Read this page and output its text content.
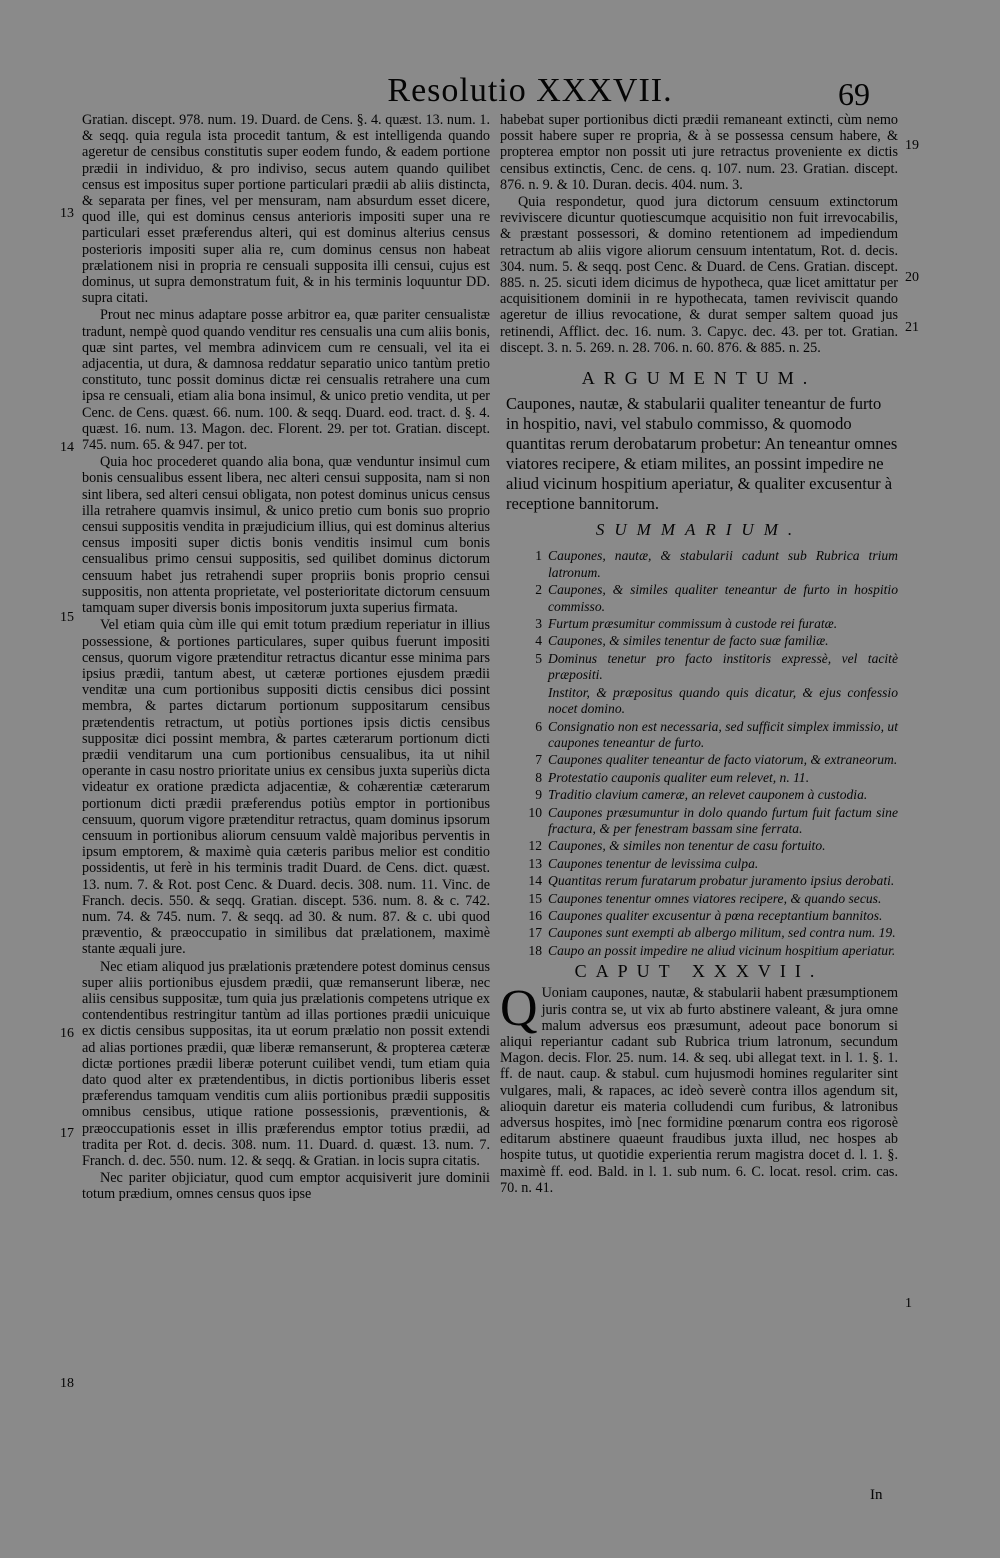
Resolutio XXXVII.	69
13
14
15
16
17
18
19
20
21
1

Gratian. discept. 978. num. 19. Duard. de Cens. §. 4. quæst. 13. num. 1. & seqq. quia regula ista procedit tantum, & est intelligenda quando ageretur de censibus constitutis super eodem fundo, & eadem portione prædii in individuo, & pro indiviso, secus autem quando quilibet census est impositus super portione particulari prædii ab aliis distincta, & separata per fines, vel per mensuram, nam absurdum esset dicere, quod ille, qui est dominus census anterioris impositi super una re particulari esset præferendus alteri, qui est dominus alterius census posterioris impositi super alia re, cum dominus census non habeat prælationem nisi in propria re censuali supposita illi censui, cujus est dominus, ut supra demonstratum fuit, & in his terminis loquuntur DD. supra citati.

Prout nec minus adaptare posse arbitror ea, quæ pariter censualistæ tradunt, nempè quod quando venditur res censualis una cum aliis bonis, quæ sint partes, vel membra adinvicem cum re censuali, vel ita ei adjacentia, ut dura, & damnosa reddatur separatio unico tantùm pretio constituto, tunc possit dominus dictæ rei censualis retrahere una cum ipsa re censuali, etiam alia bona insimul, & unico pretio vendita, ut per Cenc. de Cens. quæst. 66. num. 100. & seqq. Duard. eod. tract. d. §. 4. quæst. 16. num. 13. Magon. dec. Florent. 29. per tot. Gratian. discept. 745. num. 65. & 947. per tot.

Quia hoc procederet quando alia bona, quæ venduntur insimul cum bonis censualibus essent libera, nec alteri censui supposita, nam si non sint libera, sed alteri censui obligata, non potest dominus unicus census illa retrahere quamvis insimul, & unico pretio cum bonis suo proprio censui suppositis vendita in præjudicium illius, qui est dominus alterius census impositi super dictis bonis venditis insimul cum bonis censualibus primo censui suppositis, sed quilibet dominus dictorum censuum habet jus retrahendi super propriis bonis proprio censui suppositis, non attenta proprietate, vel posterioritate dictorum censuum tamquam super diversis bonis impositorum juxta superius firmata.

Vel etiam quia cùm ille qui emit totum prædium reperiatur in illius possessione, & portiones particulares, super quibus fuerunt impositi census, quorum vigore prætenditur retractus dicantur esse minima pars ipsius prædii, tantum abest, ut cæteræ portiones ejusdem prædii venditæ una cum portionibus suppositi dictis censibus dici possint membra, & partes dictarum portionum suppositarum censibus prætendentis retractum, ut potiùs portiones ipsis dictis censibus suppositæ dici possint membra, & partes cæterarum portionum dicti prædii venditarum una cum portionibus censualibus, ita ut nihil operante in casu nostro prioritate unius ex censibus juxta superiùs dicta videatur ex oratione prædicta adjacentiæ, & cohærentiæ cæterarum portionum dicti prædii præferendus potiùs emptor in portionibus censuum, quorum vigore prætenditur retractus, quam dominus ipsorum censuum in portionibus aliorum censuum valdè majoribus perventis in ipsum emptorem, & maximè quia cæteris paribus melior est conditio possidentis, ut ferè in his terminis tradit Duard. de Cens. dict. quæst. 13. num. 7. & Rot. post Cenc. & Duard. decis. 308. num. 11. Vinc. de Franch. decis. 550. & seqq. Gratian. discept. 536. num. 8. & c. 742. num. 74. & 745. num. 7. & seqq. ad 30. & num. 87. & c. ubi quod præventio, & præoccupatio in similibus dat prælationem, maximè stante æquali jure.

Nec etiam aliquod jus prælationis prætendere potest dominus census super aliis portionibus ejusdem prædii, quæ remanserunt liberæ, nec aliis censibus suppositæ, tum quia jus prælationis competens utrique ex contendentibus restringitur tantùm ad illas portiones prædii unicuique ex dictis censibus suppositas, ita ut eorum prælatio non possit extendi ad alias portiones prædii, quæ liberæ remanserunt, & propterea cæteræ dictæ portiones prædii liberæ poterunt cuilibet vendi, tum etiam quia dato quod alter ex prætendentibus, in dictis portionibus liberis esset præferendus tamquam venditis cum aliis portionibus prædii suppositis omnibus censibus, utique ratione possessionis, præventionis, & præoccupationis esset in illis præferendus emptor totius prædii, ad tradita per Rot. d. decis. 308. num. 11. Duard. d. quæst. 13. num. 7. Franch. d. dec. 550. num. 12. & seqq. & Gratian. in locis supra citatis.

Nec pariter objiciatur, quod cum emptor acquisiverit jure dominii totum prædium, omnes census quos ipse

habebat super portionibus dicti prædii remaneant extincti, cùm nemo possit habere super re propria, & à se possessa censum habere, & propterea emptor non possit uti jure retractus proveniente ex dictis censibus extinctis, Cenc. de cens. q. 107. num. 23. Gratian. discept. 876. n. 9. & 10. Duran. decis. 404. num. 3.

Quia respondetur, quod jura dictorum censuum extinctorum reviviscere dicuntur quotiescumque acquisitio non fuit irrevocabilis, & præstant possessori, & domino retentionem ad impediendum retractum ab aliis vigore aliorum censuum intentatum, Rot. d. decis. 304. num. 5. & seqq. post Cenc. & Duard. de Cens. Gratian. discept. 885. n. 25. sicuti idem dicimus de hypotheca, quæ licet amittatur per acquisitionem dominii in re hypothecata, tamen reviviscit quando ageretur de illius revocatione, & durat semper saltem quoad jus retinendi, Afflict. dec. 16. num. 3. Capyc. dec. 43. per tot. Gratian. discept. 3. n. 5. 269. n. 28. 706. n. 60. 876. & 885. n. 25.

ARGUMENTUM.
Caupones, nautæ, & stabularii qualiter teneantur de furto in hospitio, navi, vel stabulo commisso, & quomodo quantitas rerum derobatarum probetur: An teneantur omnes viatores recipere, & etiam milites, an possint impedire ne aliud vicinum hospitium aperiatur, & qualiter excusentur à receptione bannitorum.
SUMMARIUM.
1 Caupones, nautæ, & stabularii cadunt sub Rubrica trium latronum.
2 Caupones, & similes qualiter teneantur de furto in hospitio commisso.
3 Furtum præsumitur commissum à custode rei furatæ.
4 Caupones, & similes tenentur de facto suæ familiæ.
5 Dominus tenetur pro facto institoris expressè, vel tacitè præpositi.
Institor, & præpositus quando quis dicatur, & ejus confessio nocet domino.
6 Consignatio non est necessaria, sed sufficit simplex immissio, ut caupones teneantur de furto.
7 Caupones qualiter teneantur de facto viatorum, & extraneorum.
8 Protestatio cauponis qualiter eum relevet, n. 11.
9 Traditio clavium cameræ, an relevet cauponem à custodia.
10 Caupones præsumuntur in dolo quando furtum fuit factum sine fractura, & per fenestram bassam sine ferrata.
12 Caupones, & similes non tenentur de casu fortuito.
13 Caupones tenentur de levissima culpa.
14 Quantitas rerum furatarum probatur juramento ipsius derobati.
15 Caupones tenentur omnes viatores recipere, & quando secus.
16 Caupones qualiter excusentur à pœna receptantium bannitos.
17 Caupones sunt exempti ab albergo militum, sed contra num. 19.
18 Caupo an possit impedire ne aliud vicinum hospitium aperiatur.
CAPUT XXXVII.

Q Uoniam caupones, nautæ, & stabularii habent præsumptionem juris contra se, ut vix ab furto abstinere valeant, & jura omne malum adversus eos præsumunt, adeout pace bonorum si aliqui reperiantur cadant sub Rubrica trium latronum, secundum Magon. decis. Flor. 25. num. 14. & seq. ubi allegat text. in l. 1. §. 1. ff. de naut. caup. & stabul. cum hujusmodi homines regulariter sint vulgares, mali, & rapaces, ac ideò severè contra illos agendum sit, alioquin daretur eis materia colludendi cum furibus, & latronibus adversus hospites, imò [nec formidine pœnarum contra eos rigorosè editarum abstinere quaeunt fraudibus juxta illud, nec hospes ab hospite tutus, ut quotidie experientia rerum magistra docet d. l. 1. §. maximè ff. eod. Bald. in l. 1. sub num. 6. C. locat. resol. crim. cas. 70. n. 41.

In
